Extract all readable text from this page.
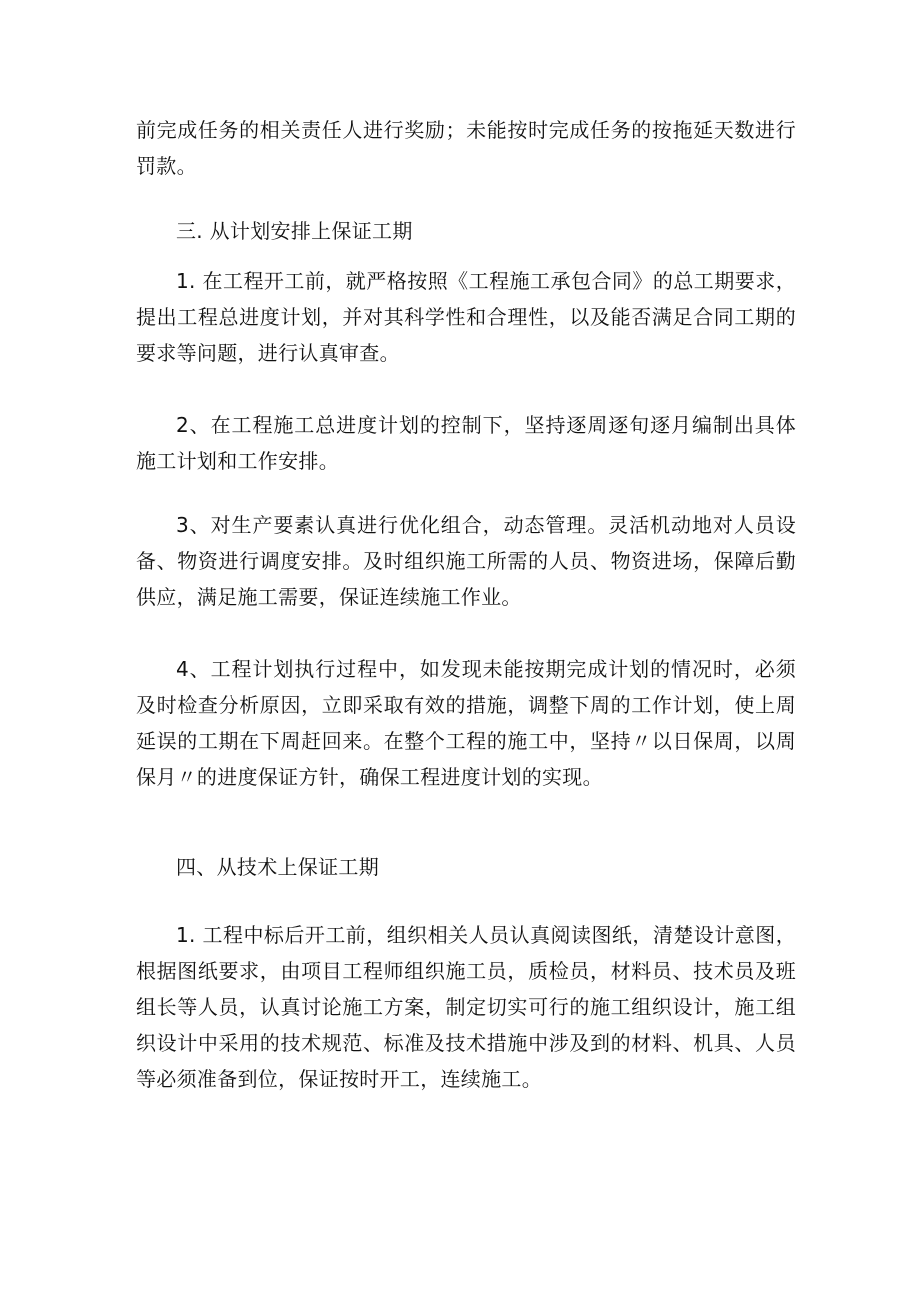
前完成任务的相关责任人进行奖励；未能按时完成任务的按拖延天数进行罚款。

三. 从计划安排上保证工期

1. 在工程开工前，就严格按照《工程施工承包合同》的总工期要求，提出工程总进度计划，并对其科学性和合理性，以及能否满足合同工期的要求等问题，进行认真审查。

2、在工程施工总进度计划的控制下，坚持逐周逐旬逐月编制出具体施工计划和工作安排。

3、对生产要素认真进行优化组合，动态管理。灵活机动地对人员设备、物资进行调度安排。及时组织施工所需的人员、物资进场，保障后勤供应，满足施工需要，保证连续施工作业。

4、工程计划执行过程中，如发现未能按期完成计划的情况时，必须及时检查分析原因，立即采取有效的措施，调整下周的工作计划，使上周延误的工期在下周赶回来。在整个工程的施工中，坚持〃以日保周，以周保月〃的进度保证方针，确保工程进度计划的实现。

四、从技术上保证工期

1. 工程中标后开工前，组织相关人员认真阅读图纸，清楚设计意图，根据图纸要求，由项目工程师组织施工员，质检员，材料员、技术员及班组长等人员，认真讨论施工方案，制定切实可行的施工组织设计，施工组织设计中采用的技术规范、标准及技术措施中涉及到的材料、机具、人员等必须准备到位，保证按时开工，连续施工。
